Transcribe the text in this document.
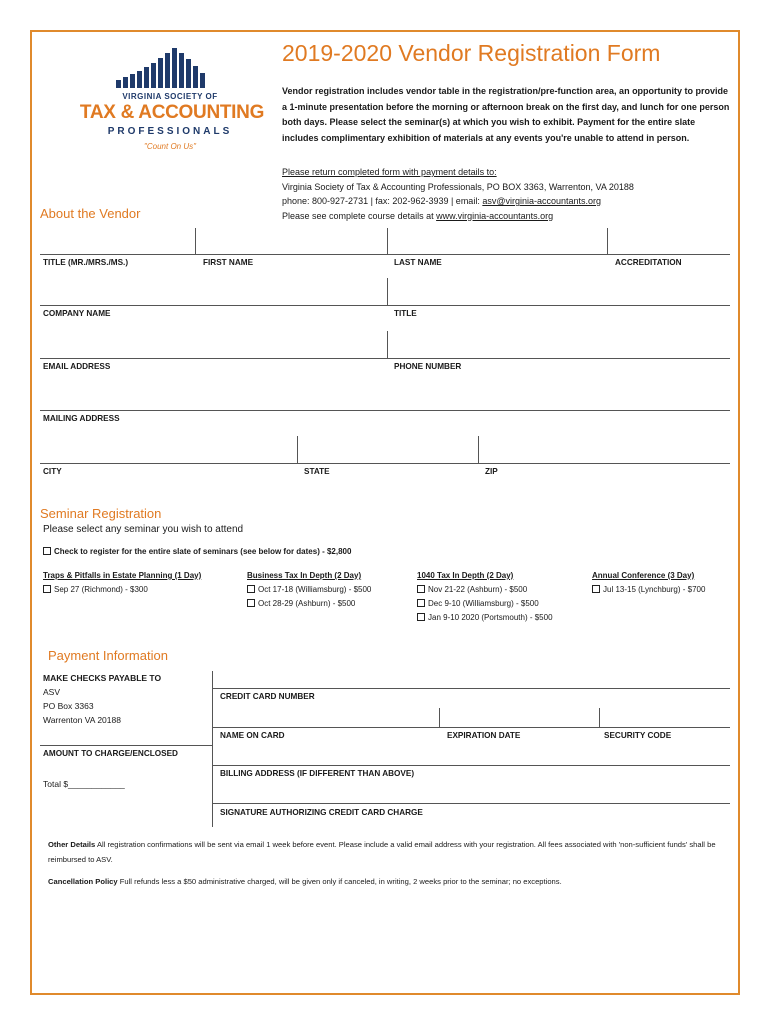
VIRGINIA SOCIETY OF
TAX & ACCOUNTING
PROFESSIONALS
"Count On Us"
2019-2020 Vendor Registration Form
Vendor registration includes vendor table in the registration/pre-function area, an opportunity to provide a 1-minute presentation before the morning or afternoon break on the first day, and lunch for one person both days. Please select the seminar(s) at which you wish to exhibit. Payment for the entire slate includes complimentary exhibition of materials at any events you're unable to attend in person.
Please return completed form with payment details to:
Virginia Society of Tax & Accounting Professionals, PO BOX 3363, Warrenton, VA 20188
phone: 800-927-2731 | fax: 202-962-3939 | email: asv@virginia-accountants.org
Please see complete course details at www.virginia-accountants.org
About the Vendor
TITLE (MR./MRS./MS.)	FIRST NAME	LAST NAME	ACCREDITATION
COMPANY NAME	TITLE
EMAIL ADDRESS	PHONE NUMBER
MAILING ADDRESS
CITY	STATE	ZIP
Seminar Registration
Please select any seminar you wish to attend
Check to register for the entire slate of seminars (see below for dates) - $2,800
Traps & Pitfalls in Estate Planning (1 Day)
Sep 27 (Richmond) - $300
Business Tax In Depth (2 Day)
Oct 17-18 (Williamsburg) - $500
Oct 28-29 (Ashburn) - $500
1040 Tax In Depth (2 Day)
Nov 21-22 (Ashburn) - $500
Dec 9-10 (Williamsburg) - $500
Jan 9-10 2020 (Portsmouth) - $500
Annual Conference (3 Day)
Jul 13-15 (Lynchburg) - $700
Payment Information
MAKE CHECKS PAYABLE TO
ASV
PO Box 3363
Warrenton VA 20188
CREDIT CARD NUMBER
NAME ON CARD	EXPIRATION DATE	SECURITY CODE
AMOUNT TO CHARGE/ENCLOSED
Total $____________
BILLING ADDRESS (IF DIFFERENT THAN ABOVE)
SIGNATURE AUTHORIZING CREDIT CARD CHARGE
Other Details All registration confirmations will be sent via email 1 week before event. Please include a valid email address with your registration. All fees associated with 'non-sufficient funds' shall be reimbursed to ASV.
Cancellation Policy Full refunds less a $50 administrative charged, will be given only if canceled, in writing, 2 weeks prior to the seminar; no exceptions.
